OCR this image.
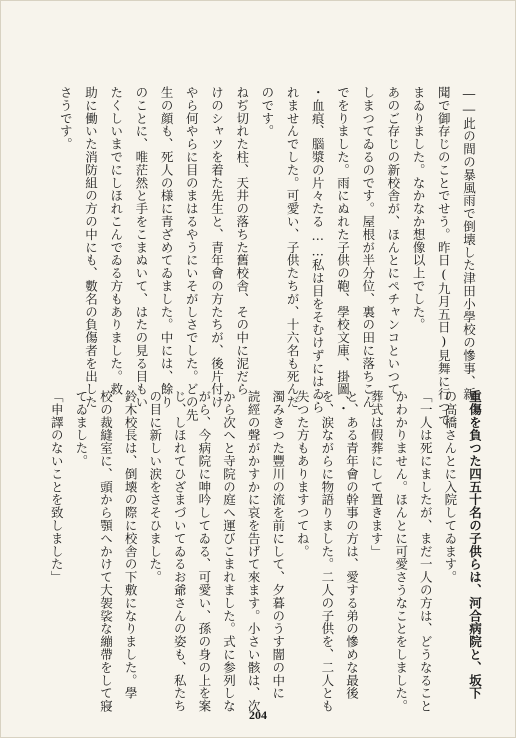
――此の間の暴風雨で倒壊した津田小學校の慘事、新
聞で御存じのことでせう。昨日(九月五日)見舞に行つて
まゐりました。なかなか想像以上でした。
あのご存じの新校舎が、ほんとにペチャンコといつて
しまつてゐるのです。屋根が半分位、裏の田に落ちこん
でをりました。雨にぬれた子供の鞄、學校文庫、掛圖、・
・血痕、腦漿の片々たる……私は目をそむけずにはゐら
れませんでした。可愛い、子供たちが、十六名も死んだ
のです。
ねぢ切れた柱、天井の落ちた舊校舎、その中に泥だら
けのシャツを着た先生と、青年會の方たちが、後片付け
やら何やらに目のまはるやうにいそがしさでした。どの先
生の顔も、死人の様に青ざめてゐました。中には、餘り
のことに、唯茫然と手をこまぬいて、はたの見る目もい
たくしいまでにしほれこんでゐる方もありました。救
助に働いた消防組の方の中にも、數名の負傷者を出した
さうです。
重傷を負つた四五十名の子供らは、河合病院と、坂下
の高橋さんとに入院してゐます。
「一人は死にましたが、まだ一人の方は、どうなること
かわかりません。ほんとに可愛さうなことをしました。
葬式は假葬にして置きます」
と、ある青年會の幹事の方は、愛する弟の慘めな最後
を、涙ながらに物語りました。二人の子供を、二人とも
失つた方もありますつてね。
濁みきつた豐川の流を前にして、夕暮のうす闇の中に
読經の聲がかすかに哀を告げて來ます。小さい骸は、次
から次へと寺院の庭へ運びこまれました。式に参列しな
がら、今病院に呻吟してゐる、可愛い、孫の身の上を案
じ、しほれてひざまづいてゐるお爺さんの姿も、私たち
の目に新しい涙をさそひました。
鈴木校長は、倒壊の際に校舎の下敷になりました。學
校の裁縫室に、頭から顎へかけて大袈裟な繃帶をして寢
てゐました。
「申譯のないことを致しました」
204
